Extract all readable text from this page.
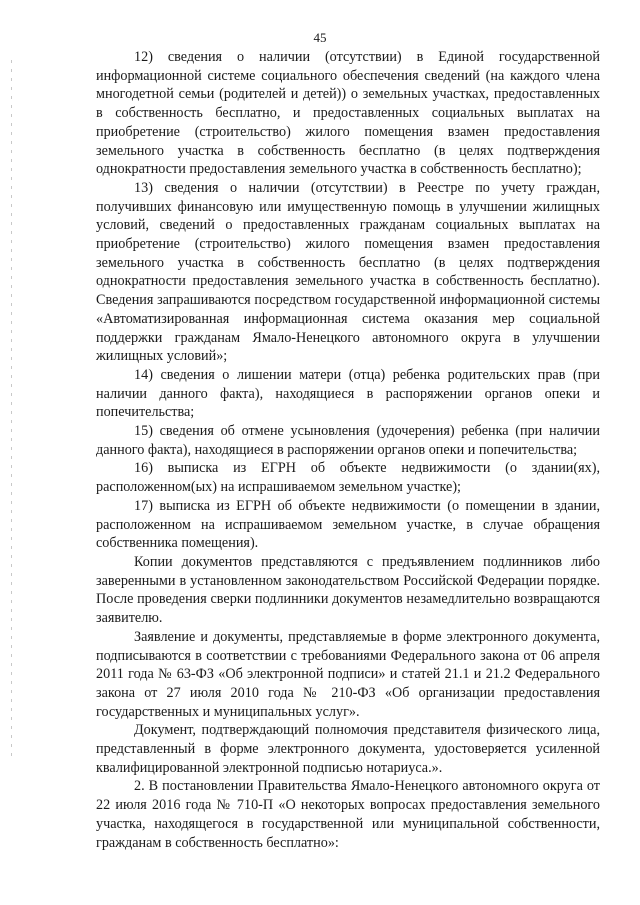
45

12) сведения о наличии (отсутствии) в Единой государственной информационной системе социального обеспечения сведений (на каждого члена многодетной семьи (родителей и детей)) о земельных участках, предоставленных в собственность бесплатно, и предоставленных социальных выплатах на приобретение (строительство) жилого помещения взамен предоставления земельного участка в собственность бесплатно (в целях подтверждения однократности предоставления земельного участка в собственность бесплатно);

13) сведения о наличии (отсутствии) в Реестре по учету граждан, получивших финансовую или имущественную помощь в улучшении жилищных условий, сведений о предоставленных гражданам социальных выплатах на приобретение (строительство) жилого помещения взамен предоставления земельного участка в собственность бесплатно (в целях подтверждения однократности предоставления земельного участка в собственность бесплатно). Сведения запрашиваются посредством государственной информационной системы «Автоматизированная информационная система оказания мер социальной поддержки гражданам Ямало-Ненецкого автономного округа в улучшении жилищных условий»;

14) сведения о лишении матери (отца) ребенка родительских прав (при наличии данного факта), находящиеся в распоряжении органов опеки и попечительства;

15) сведения об отмене усыновления (удочерения) ребенка (при наличии данного факта), находящиеся в распоряжении органов опеки и попечительства;

16) выписка из ЕГРН об объекте недвижимости (о здании(ях), расположенном(ых) на испрашиваемом земельном участке);

17) выписка из ЕГРН об объекте недвижимости (о помещении в здании, расположенном на испрашиваемом земельном участке, в случае обращения собственника помещения).

Копии документов представляются с предъявлением подлинников либо заверенными в установленном законодательством Российской Федерации порядке. После проведения сверки подлинники документов незамедлительно возвращаются заявителю.

Заявление и документы, представляемые в форме электронного документа, подписываются в соответствии с требованиями Федерального закона от 06 апреля 2011 года № 63-ФЗ «Об электронной подписи» и статей 21.1 и 21.2 Федерального закона от 27 июля 2010 года № 210-ФЗ «Об организации предоставления государственных и муниципальных услуг».

Документ, подтверждающий полномочия представителя физического лица, представленный в форме электронного документа, удостоверяется усиленной квалифицированной электронной подписью нотариуса.».

2. В постановлении Правительства Ямало-Ненецкого автономного округа от 22 июля 2016 года № 710-П «О некоторых вопросах предоставления земельного участка, находящегося в государственной или муниципальной собственности, гражданам в собственность бесплатно»:
